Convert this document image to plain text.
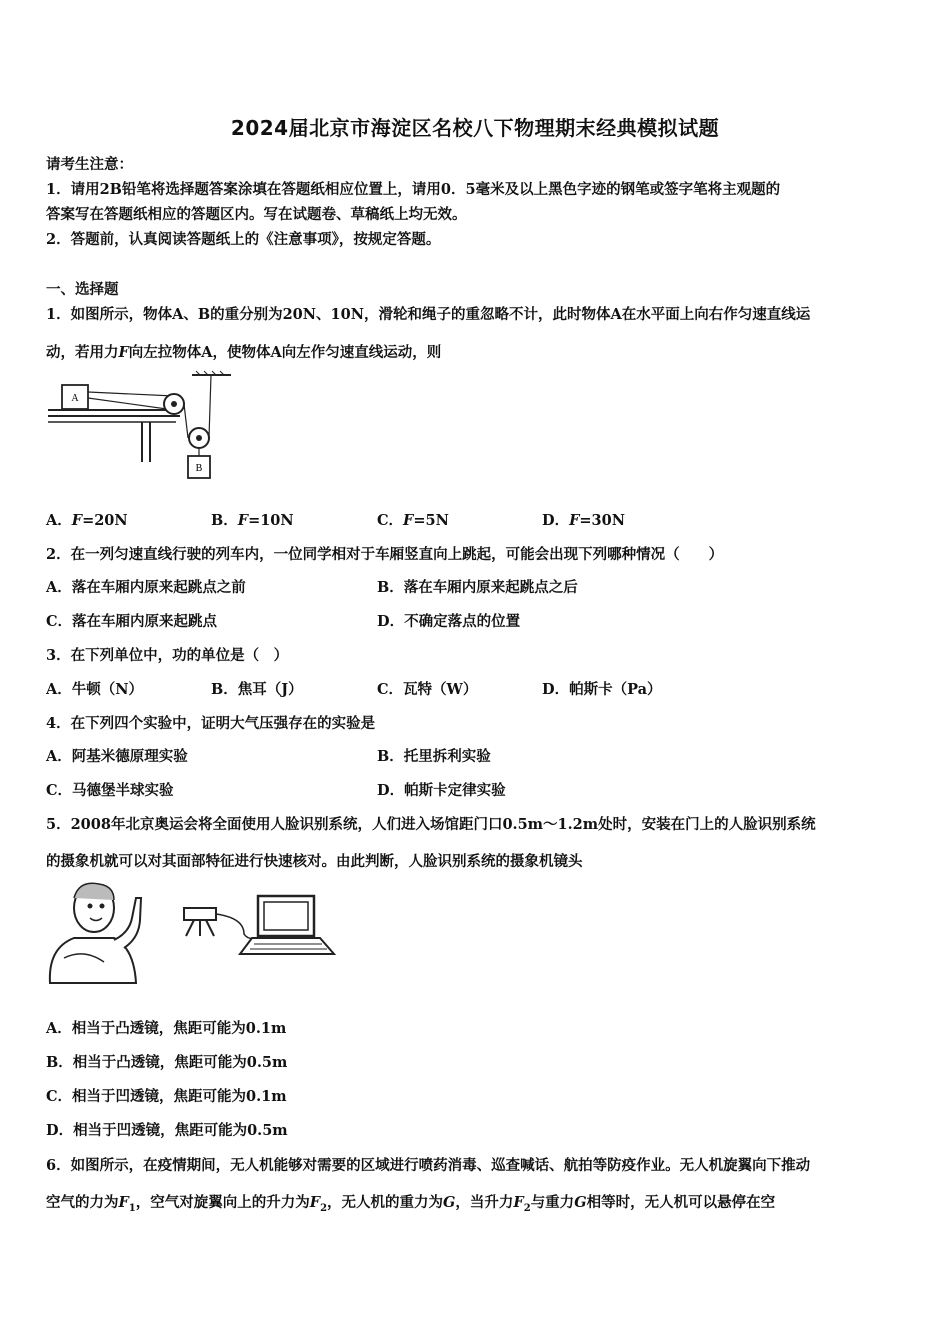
2024届北京市海淀区名校八下物理期末经典模拟试题
请考生注意：
1．请用2B铅笔将选择题答案涂填在答题纸相应位置上，请用0．5毫米及以上黑色字迹的钢笔或签字笔将主观题的
答案写在答题纸相应的答题区内。写在试题卷、草稿纸上均无效。
2．答题前，认真阅读答题纸上的《注意事项》，按规定答题。
一、选择题
1．如图所示，物体A、B的重分别为20N、10N，滑轮和绳子的重忽略不计，此时物体A在水平面上向右作匀速直线运
动，若用力F向左拉物体A，使物体A向左作匀速直线运动，则
A
B
A．F=20N	B．F=10N	C．F=5N	D．F=30N
2．在一列匀速直线行驶的列车内，一位同学相对于车厢竖直向上跳起，可能会出现下列哪种情况（　　）
A．落在车厢内原来起跳点之前	B．落在车厢内原来起跳点之后
C．落在车厢内原来起跳点	D．不确定落点的位置
3．在下列单位中，功的单位是（　）
A．牛顿（N）	B．焦耳（J）	C．瓦特（W）	D．帕斯卡（Pa）
4．在下列四个实验中，证明大气压强存在的实验是
A．阿基米德原理实验	B．托里拆利实验
C．马德堡半球实验	D．帕斯卡定律实验
5．2008年北京奥运会将全面使用人脸识别系统，人们进入场馆距门口0.5m～1.2m处时，安装在门上的人脸识别系统
的摄象机就可以对其面部特征进行快速核对。由此判断，人脸识别系统的摄象机镜头
A．相当于凸透镜，焦距可能为0.1m
B．相当于凸透镜，焦距可能为0.5m
C．相当于凹透镜，焦距可能为0.1m
D．相当于凹透镜，焦距可能为0.5m
6．如图所示，在疫情期间，无人机能够对需要的区域进行喷药消毒、巡查喊话、航拍等防疫作业。无人机旋翼向下推动
空气的力为$F_1$，空气对旋翼向上的升力为$F_2$，无人机的重力为G，当升力$F_2$与重力G相等时，无人机可以悬停在空
